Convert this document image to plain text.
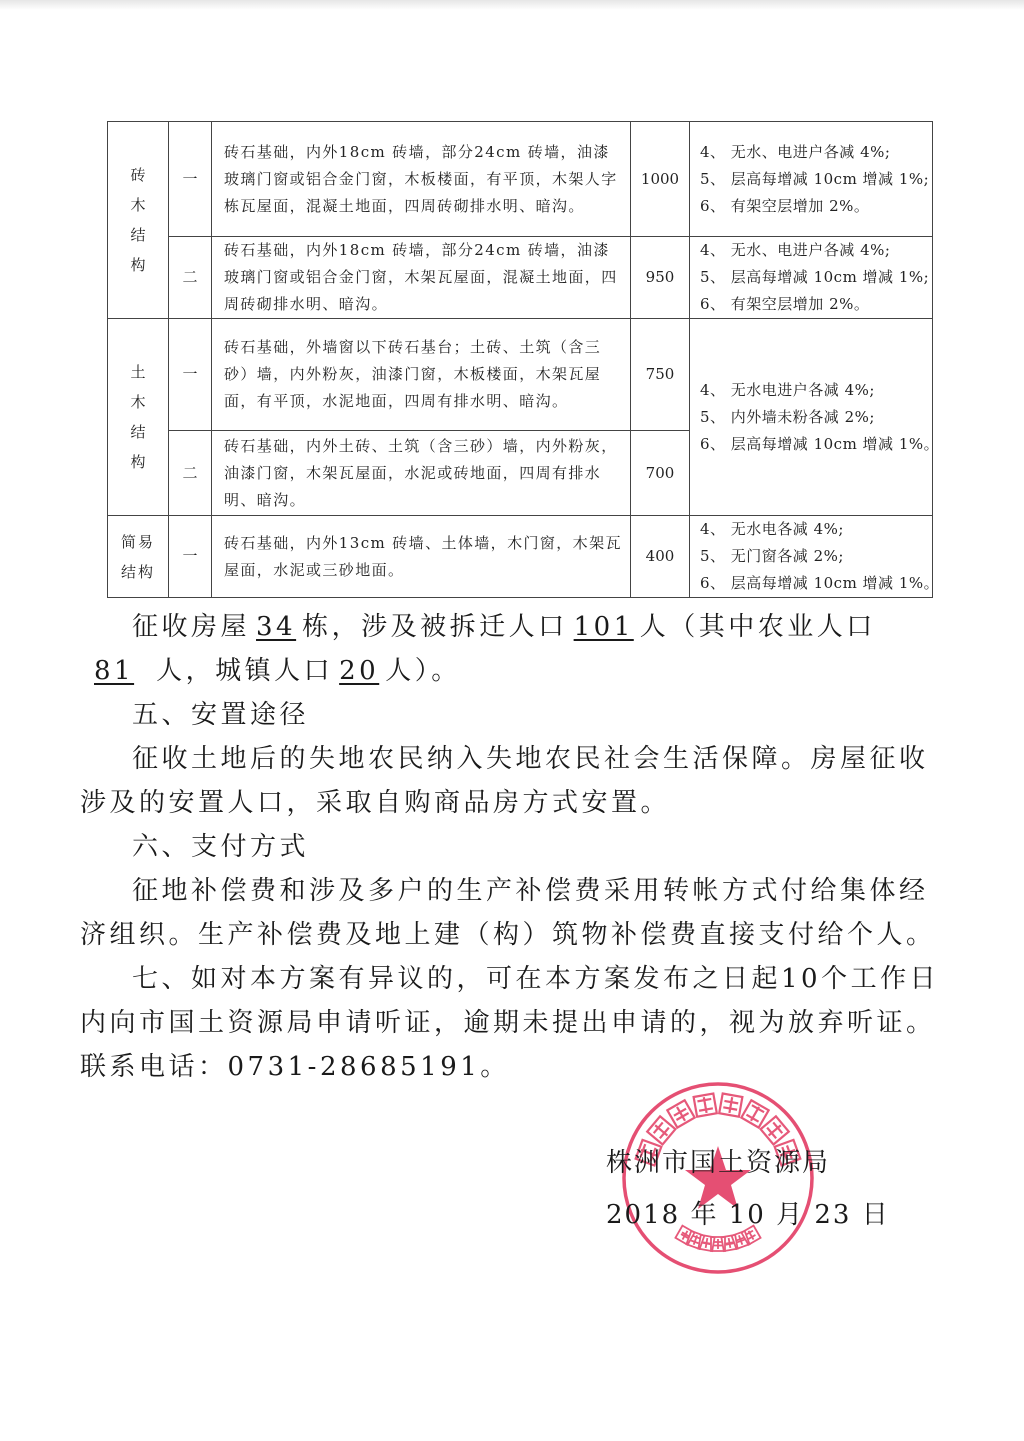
砖
木
结
构	一	砖石基础，内外18cm 砖墙，部分24cm 砖墙，油漆玻璃门窗或铝合金门窗，木板楼面，有平顶，木架人字栋瓦屋面，混凝土地面，四周砖砌排水明、暗沟。	1000	4、 无水、电进户各减 4%;
5、 层高每增减 10cm 增减 1%;
6、 有架空层增加 2%。

	二	砖石基础，内外18cm 砖墙，部分24cm 砖墙，油漆玻璃门窗或铝合金门窗，木架瓦屋面，混凝土地面，四周砖砌排水明、暗沟。	950	4、 无水、电进户各减 4%;
5、 层高每增减 10cm 增减 1%;
6、 有架空层增加 2%。

土
木
结
构	一	砖石基础，外墙窗以下砖石基台；土砖、土筑（含三砂）墙，内外粉灰，油漆门窗，木板楼面，木架瓦屋面，有平顶，水泥地面，四周有排水明、暗沟。	750	4、 无水电进户各减 4%;
5、 内外墙未粉各减 2%;
6、 层高每增减 10cm 增减 1%。

	二	砖石基础，内外土砖、土筑（含三砂）墙，内外粉灰，油漆门窗，木架瓦屋面，水泥或砖地面，四周有排水明、暗沟。	700	

简易
结构	一	砖石基础，内外13cm 砖墙、土体墙，木门窗，木架瓦屋面，水泥或三砂地面。	400	4、 无水电各减 4%;
5、 无门窗各减 2%;
6、 层高每增减 10cm 增减 1%。
征收房屋 34 栋，涉及被拆迁人口 101 人（其中农业人口81 人，城镇人口 20 人）。
五、安置途径
征收土地后的失地农民纳入失地农民社会生活保障。房屋征收涉及的安置人口，采取自购商品房方式安置。
六、支付方式
征地补偿费和涉及多户的生产补偿费采用转帐方式付给集体经济组织。生产补偿费及地上建（构）筑物补偿费直接支付给个人。
七、如对本方案有异议的，可在本方案发布之日起10个工作日内向市国土资源局申请听证，逾期未提出申请的，视为放弃听证。联系电话：0731-28685191。
株洲市国土资源局
2018 年 10 月 23 日
